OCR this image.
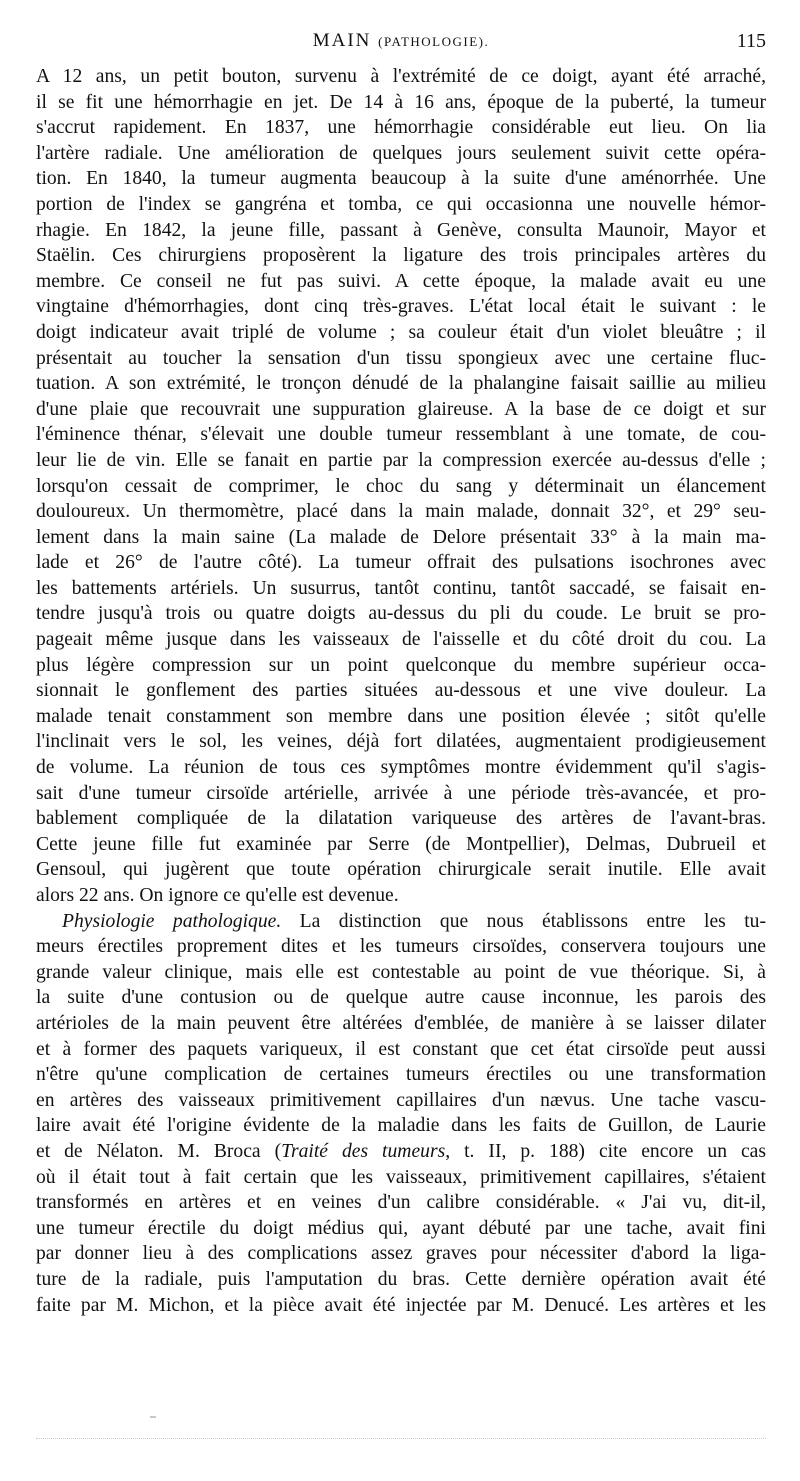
MAIN (PATHOLOGIE).	115
A 12 ans, un petit bouton, survenu à l'extrémité de ce doigt, ayant été arraché,
il se fit une hémorrhagie en jet. De 14 à 16 ans, époque de la puberté, la tumeur
s'accrut rapidement. En 1837, une hémorrhagie considérable eut lieu. On lia
l'artère radiale. Une amélioration de quelques jours seulement suivit cette opéra-
tion. En 1840, la tumeur augmenta beaucoup à la suite d'une aménorrhée. Une
portion de l'index se gangréna et tomba, ce qui occasionna une nouvelle hémor-
rhagie. En 1842, la jeune fille, passant à Genève, consulta Maunoir, Mayor et
Staëlin. Ces chirurgiens proposèrent la ligature des trois principales artères du
membre. Ce conseil ne fut pas suivi. A cette époque, la malade avait eu une
vingtaine d'hémorrhagies, dont cinq très-graves. L'état local était le suivant : le
doigt indicateur avait triplé de volume ; sa couleur était d'un violet bleuâtre ; il
présentait au toucher la sensation d'un tissu spongieux avec une certaine fluc-
tuation. A son extrémité, le tronçon dénudé de la phalangine faisait saillie au milieu
d'une plaie que recouvrait une suppuration glaireuse. A la base de ce doigt et sur
l'éminence thénar, s'élevait une double tumeur ressemblant à une tomate, de cou-
leur lie de vin. Elle se fanait en partie par la compression exercée au-dessus d'elle ;
lorsqu'on cessait de comprimer, le choc du sang y déterminait un élancement
douloureux. Un thermomètre, placé dans la main malade, donnait 32°, et 29° seu-
lement dans la main saine (La malade de Delore présentait 33° à la main ma-
lade et 26° de l'autre côté). La tumeur offrait des pulsations isochrones avec
les battements artériels. Un susurrus, tantôt continu, tantôt saccadé, se faisait en-
tendre jusqu'à trois ou quatre doigts au-dessus du pli du coude. Le bruit se pro-
pageait même jusque dans les vaisseaux de l'aisselle et du côté droit du cou. La
plus légère compression sur un point quelconque du membre supérieur occa-
sionnait le gonflement des parties situées au-dessous et une vive douleur. La
malade tenait constamment son membre dans une position élevée ; sitôt qu'elle
l'inclinait vers le sol, les veines, déjà fort dilatées, augmentaient prodigieusement
de volume. La réunion de tous ces symptômes montre évidemment qu'il s'agis-
sait d'une tumeur cirsoïde artérielle, arrivée à une période très-avancée, et pro-
bablement compliquée de la dilatation variqueuse des artères de l'avant-bras.
Cette jeune fille fut examinée par Serre (de Montpellier), Delmas, Dubrueil et
Gensoul, qui jugèrent que toute opération chirurgicale serait inutile. Elle avait
alors 22 ans. On ignore ce qu'elle est devenue.
Physiologie pathologique. La distinction que nous établissons entre les tu-
meurs érectiles proprement dites et les tumeurs cirsoïdes, conservera toujours une
grande valeur clinique, mais elle est contestable au point de vue théorique. Si, à
la suite d'une contusion ou de quelque autre cause inconnue, les parois des
artérioles de la main peuvent être altérées d'emblée, de manière à se laisser dilater
et à former des paquets variqueux, il est constant que cet état cirsoïde peut aussi
n'être qu'une complication de certaines tumeurs érectiles ou une transformation
en artères des vaisseaux primitivement capillaires d'un nævus. Une tache vascu-
laire avait été l'origine évidente de la maladie dans les faits de Guillon, de Laurie
et de Nélaton. M. Broca (Traité des tumeurs, t. II, p. 188) cite encore un cas
où il était tout à fait certain que les vaisseaux, primitivement capillaires, s'étaient
transformés en artères et en veines d'un calibre considérable. « J'ai vu, dit-il,
une tumeur érectile du doigt médius qui, ayant débuté par une tache, avait fini
par donner lieu à des complications assez graves pour nécessiter d'abord la liga-
ture de la radiale, puis l'amputation du bras. Cette dernière opération avait été
faite par M. Michon, et la pièce avait été injectée par M. Denucé. Les artères et les
